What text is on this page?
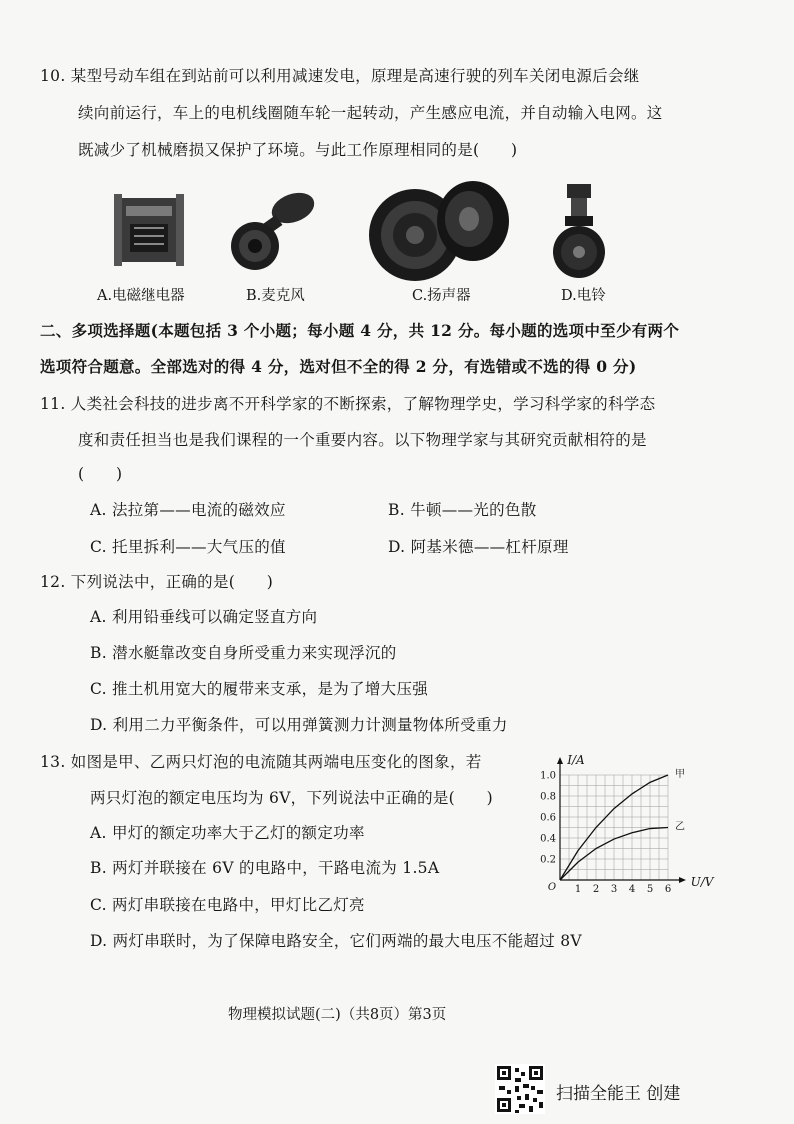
10. 某型号动车组在到站前可以利用减速发电，原理是高速行驶的列车关闭电源后会继
续向前运行，车上的电机线圈随车轮一起转动，产生感应电流，并自动输入电网。这
既减少了机械磨损又保护了环境。与此工作原理相同的是(　　)
A.电磁继电器	B.麦克风	C.扬声器	D.电铃
二、多项选择题(本题包括 3 个小题；每小题 4 分，共 12 分。每小题的选项中至少有两个
选项符合题意。全部选对的得 4 分，选对但不全的得 2 分，有选错或不选的得 0 分)
11. 人类社会科技的进步离不开科学家的不断探索，了解物理学史，学习科学家的科学态
度和责任担当也是我们课程的一个重要内容。以下物理学家与其研究贡献相符的是
(　　)
A. 法拉第——电流的磁效应	B. 牛顿——光的色散
C. 托里拆利——大气压的值	D. 阿基米德——杠杆原理
12. 下列说法中，正确的是(　　)
A. 利用铅垂线可以确定竖直方向
B. 潜水艇靠改变自身所受重力来实现浮沉的
C. 推土机用宽大的履带来支承，是为了增大压强
D. 利用二力平衡条件，可以用弹簧测力计测量物体所受重力
13. 如图是甲、乙两只灯泡的电流随其两端电压变化的图象，若
两只灯泡的额定电压均为 6V，下列说法中正确的是(　　)
A. 甲灯的额定功率大于乙灯的额定功率
B. 两灯并联接在 6V 的电路中，干路电流为 1.5A
C. 两灯串联接在电路中，甲灯比乙灯亮
D. 两灯串联时，为了保障电路安全，它们两端的最大电压不能超过 8V
1 2 3 4 5 6
0.2
0.4
0.6
0.8
1.0
O	U/V
I/A
甲
乙
物理模拟试题(二)（共8页）第3页
扫描全能王 创建
